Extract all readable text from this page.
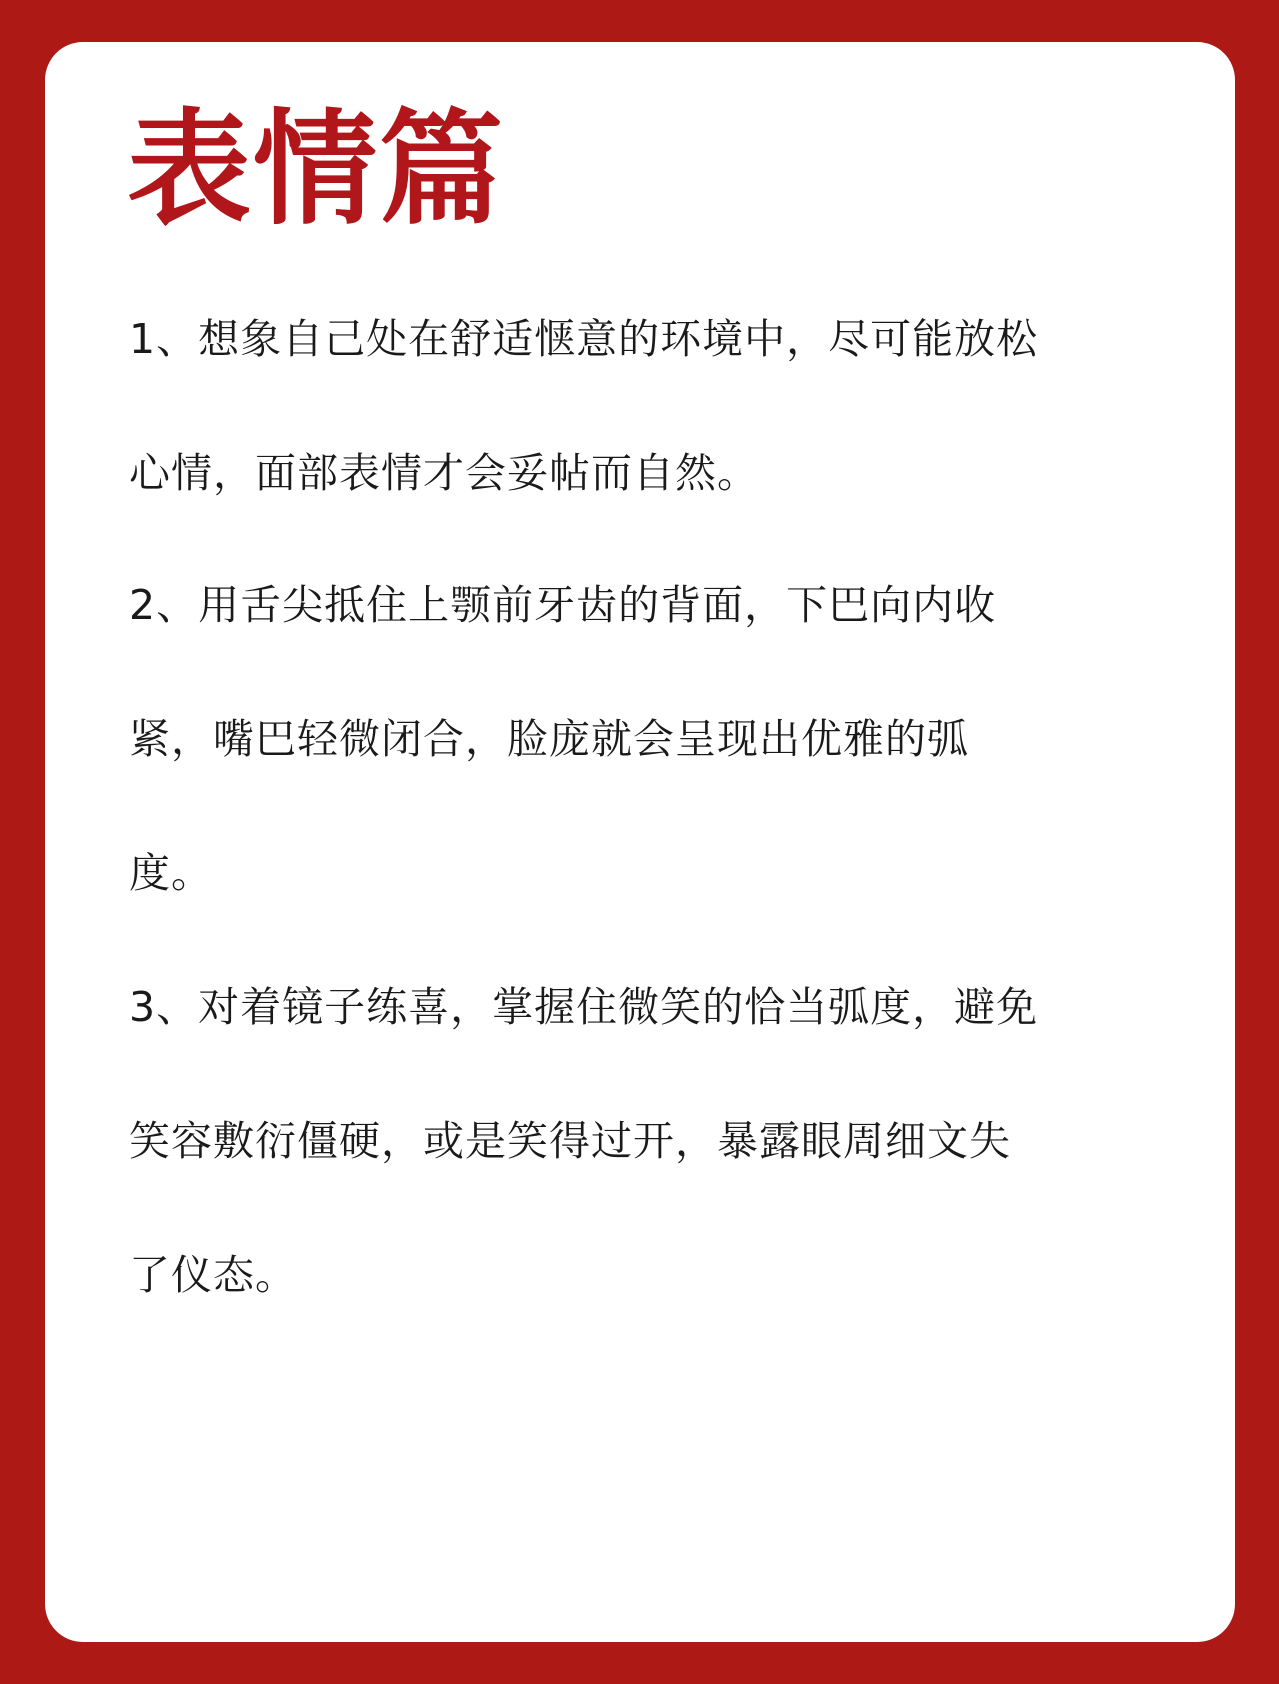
表情篇
1、想象自己处在舒适惬意的环境中，尽可能放松
心情，面部表情才会妥帖而自然。
2、用舌尖抵住上颚前牙齿的背面，下巴向内收
紧，嘴巴轻微闭合，脸庞就会呈现出优雅的弧
度。
3、对着镜子练喜，掌握住微笑的恰当弧度，避免
笑容敷衍僵硬，或是笑得过开，暴露眼周细文失
了仪态。
